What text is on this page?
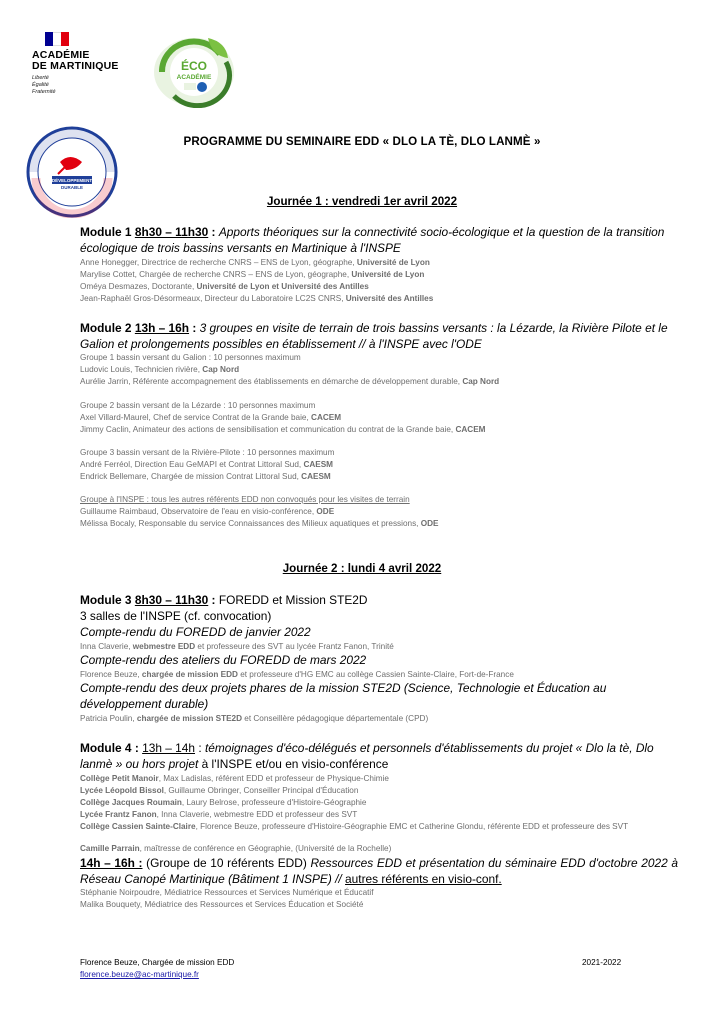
ACADÉMIE
DE MARTINIQUE
Liberté
Égalité
Fraternité
ÉCO
ACADÉMIE
DÉVELOPPEMENT
DURABLE
PROGRAMME DU SEMINAIRE EDD « DLO LA TÈ, DLO LANMÈ »
Journée 1 : vendredi 1er avril 2022
Module 1 8h30 – 11h30 : Apports théoriques sur la connectivité socio-écologique et la question de la transition écologique de trois bassins versants en Martinique à l'INSPE
Anne Honegger, Directrice de recherche CNRS – ENS de Lyon, géographe, Université de Lyon
Marylise Cottet, Chargée de recherche CNRS – ENS de Lyon, géographe, Université de Lyon
Oméya Desmazes, Doctorante, Université de Lyon et Université des Antilles
Jean-Raphaël Gros-Désormeaux, Directeur du Laboratoire LC2S CNRS, Université des Antilles
Module 2 13h – 16h : 3 groupes en visite de terrain de trois bassins versants : la Lézarde, la Rivière Pilote et le Galion et prolongements possibles en établissement // à l'INSPE avec l'ODE
Groupe 1 bassin versant du Galion : 10 personnes maximum
Ludovic Louis, Technicien rivière, Cap Nord
Aurélie Jarrin, Référente accompagnement des établissements en démarche de développement durable, Cap Nord
Groupe 2 bassin versant de la Lézarde : 10 personnes maximum
Axel Villard-Maurel, Chef de service Contrat de la Grande baie, CACEM
Jimmy Caclin, Animateur des actions de sensibilisation et communication du contrat de la Grande baie, CACEM
Groupe 3 bassin versant de la Rivière-Pilote : 10 personnes maximum
André Ferréol, Direction Eau GeMAPI et Contrat Littoral Sud, CAESM
Endrick Bellemare, Chargée de mission Contrat Littoral Sud, CAESM
Groupe à l'INSPE : tous les autres référents EDD non convoqués pour les visites de terrain
Guillaume Raimbaud, Observatoire de l'eau en visio-conférence, ODE
Mélissa Bocaly, Responsable du service Connaissances des Milieux aquatiques et pressions, ODE
Journée 2 : lundi 4 avril 2022
Module 3 8h30 – 11h30 : FOREDD et Mission STE2D
3 salles de l'INSPE (cf. convocation)
Compte-rendu du FOREDD de janvier 2022
Inna Claverie, webmestre EDD et professeure des SVT au lycée Frantz Fanon, Trinité
Compte-rendu des ateliers du FOREDD de mars 2022
Florence Beuze, chargée de mission EDD et professeure d'HG EMC au collège Cassien Sainte-Claire, Fort-de-France
Compte-rendu des deux projets phares de la mission STE2D (Science, Technologie et Éducation au développement durable)
Patricia Poulin, chargée de mission STE2D et Conseillère pédagogique départementale (CPD)
Module 4 : 13h – 14h : témoignages d'éco-délégués et personnels d'établissements du projet « Dlo la tè, Dlo lanmè » ou hors projet à l'INSPE et/ou en visio-conférence
Collège Petit Manoir, Max Ladislas, référent EDD et professeur de Physique-Chimie
Lycée Léopold Bissol, Guillaume Obringer, Conseiller Principal d'Éducation
Collège Jacques Roumain, Laury Belrose, professeure d'Histoire-Géographie
Lycée Frantz Fanon, Inna Claverie, webmestre EDD et professeur des SVT
Collège Cassien Sainte-Claire, Florence Beuze, professeure d'Histoire-Géographie EMC et Catherine Glondu, référente EDD et professeure des SVT
Camille Parrain, maîtresse de conférence en Géographie, (Université de la Rochelle)
14h – 16h : (Groupe de 10 référents EDD) Ressources EDD et présentation du séminaire EDD d'octobre 2022 à Réseau Canopé Martinique (Bâtiment 1 INSPE) // autres référents en visio-conf.
Stéphanie Noirpoudre, Médiatrice Ressources et Services Numérique et Éducatif
Malika Bouquety, Médiatrice des Ressources et Services Éducation et Société
Florence Beuze, Chargée de mission EDD
florence.beuze@ac-martinique.fr
2021-2022
